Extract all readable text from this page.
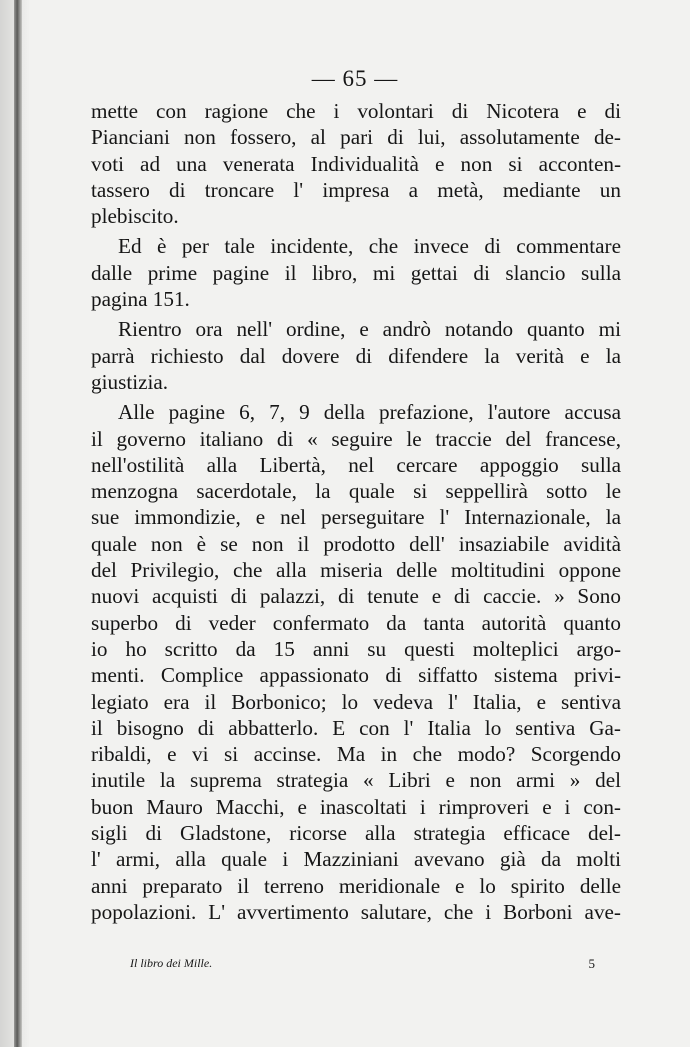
— 65 —
mette con ragione che i volontari di Nicotera e di
Pianciani non fossero, al pari di lui, assolutamente de-
voti ad una venerata Individualità e non si acconten-
tassero di troncare l' impresa a metà, mediante un
plebiscito.
Ed è per tale incidente, che invece di commentare
dalle prime pagine il libro, mi gettai di slancio sulla
pagina 151.
Rientro ora nell' ordine, e andrò notando quanto mi
parrà richiesto dal dovere di difendere la verità e la
giustizia.
Alle pagine 6, 7, 9 della prefazione, l'autore accusa
il governo italiano di « seguire le traccie del francese,
nell'ostilità alla Libertà, nel cercare appoggio sulla
menzogna sacerdotale, la quale si seppellirà sotto le
sue immondizie, e nel perseguitare l' Internazionale, la
quale non è se non il prodotto dell' insaziabile avidità
del Privilegio, che alla miseria delle moltitudini oppone
nuovi acquisti di palazzi, di tenute e di caccie. » Sono
superbo di veder confermato da tanta autorità quanto
io ho scritto da 15 anni su questi molteplici argo-
menti. Complice appassionato di siffatto sistema privi-
legiato era il Borbonico; lo vedeva l' Italia, e sentiva
il bisogno di abbatterlo. E con l' Italia lo sentiva Ga-
ribaldi, e vi si accinse. Ma in che modo? Scorgendo
inutile la suprema strategia « Libri e non armi » del
buon Mauro Macchi, e inascoltati i rimproveri e i con-
sigli di Gladstone, ricorse alla strategia efficace del-
l' armi, alla quale i Mazziniani avevano già da molti
anni preparato il terreno meridionale e lo spirito delle
popolazioni. L' avvertimento salutare, che i Borboni ave-
Il libro dei Mille.	5
